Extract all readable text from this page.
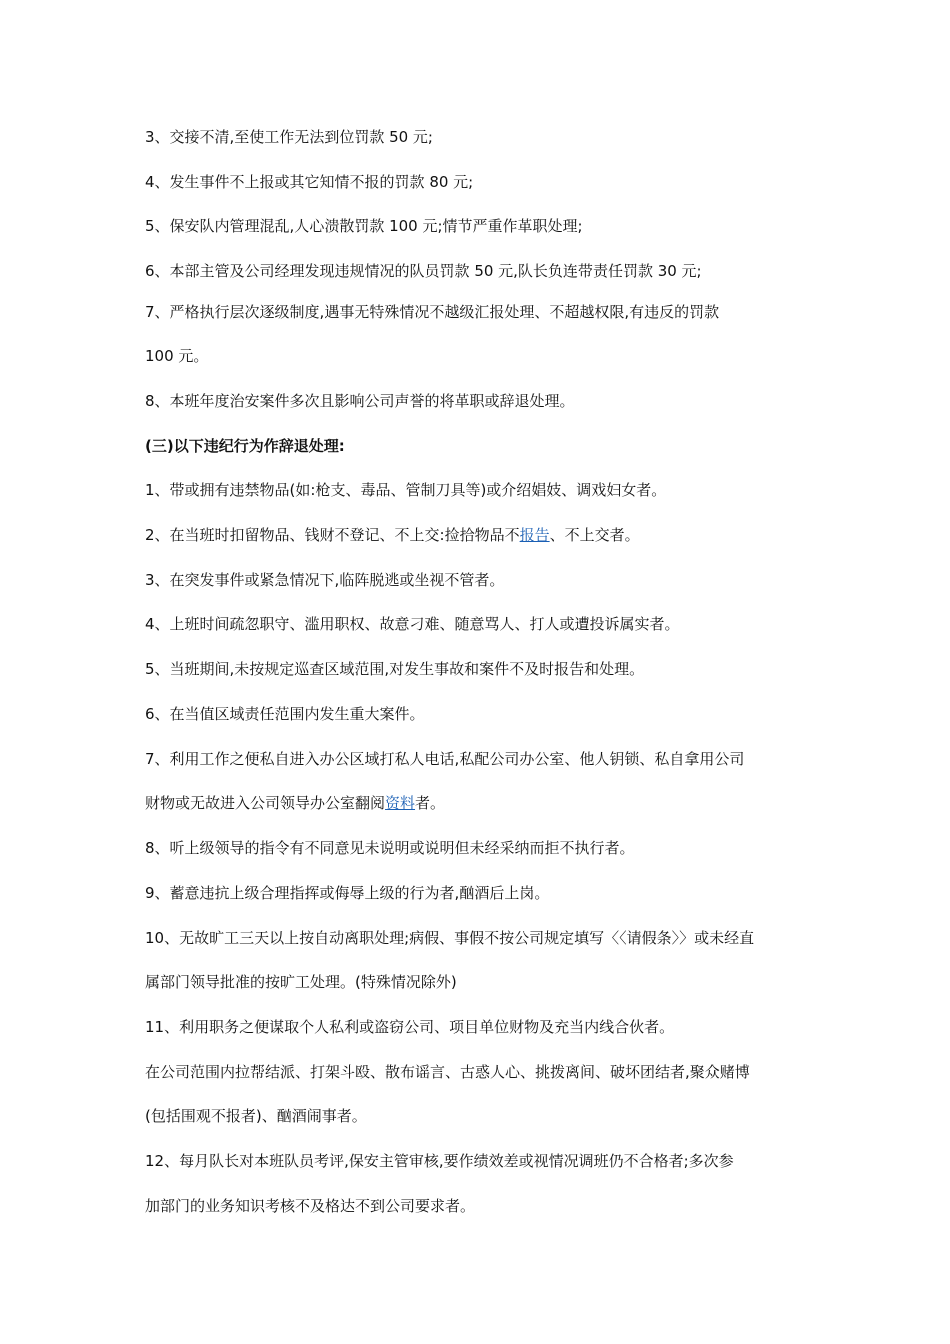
3、交接不清,至使工作无法到位罚款 50 元;

4、发生事件不上报或其它知情不报的罚款 80 元;

5、保安队内管理混乱,人心溃散罚款 100 元;情节严重作革职处理;

6、本部主管及公司经理发现违规情况的队员罚款 50 元,队长负连带责任罚款 30 元;

7、严格执行层次逐级制度,遇事无特殊情况不越级汇报处理、不超越权限,有违反的罚款

100 元。

8、本班年度治安案件多次且影响公司声誉的将革职或辞退处理。

(三)以下违纪行为作辞退处理:

1、带或拥有违禁物品(如:枪支、毒品、管制刀具等)或介绍娼妓、调戏妇女者。

2、在当班时扣留物品、钱财不登记、不上交:捡拾物品不报告、不上交者。

3、在突发事件或紧急情况下,临阵脱逃或坐视不管者。

4、上班时间疏忽职守、滥用职权、故意刁难、随意骂人、打人或遭投诉属实者。

5、当班期间,未按规定巡查区域范围,对发生事故和案件不及时报告和处理。

6、在当值区域责任范围内发生重大案件。

7、利用工作之便私自进入办公区域打私人电话,私配公司办公室、他人钥锁、私自拿用公司

财物或无故进入公司领导办公室翻阅资料者。

8、听上级领导的指令有不同意见未说明或说明但未经采纳而拒不执行者。

9、蓄意违抗上级合理指挥或侮辱上级的行为者,酗酒后上岗。

10、无故旷工三天以上按自动离职处理;病假、事假不按公司规定填写〈〈请假条〉〉或未经直

属部门领导批准的按旷工处理。(特殊情况除外)

11、利用职务之便谋取个人私利或盗窃公司、项目单位财物及充当内线合伙者。

在公司范围内拉帮结派、打架斗殴、散布谣言、古惑人心、挑拨离间、破坏团结者,聚众赌博

(包括围观不报者)、酗酒闹事者。

12、每月队长对本班队员考评,保安主管审核,要作绩效差或视情况调班仍不合格者;多次参

加部门的业务知识考核不及格达不到公司要求者。
